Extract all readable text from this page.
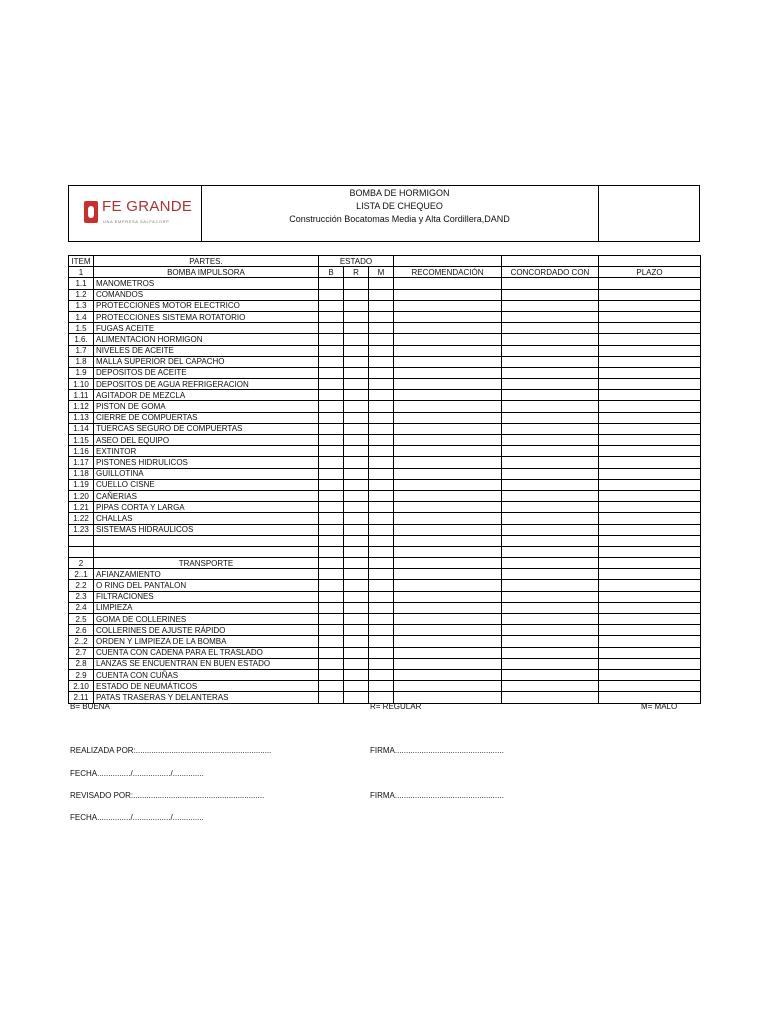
FE GRANDE
UNA EMPRESA SALFACORP
BOMBA DE HORMIGON
LISTA DE CHEQUEO
Construcción Bocatomas Media y Alta Cordillera,DAND
ITEM	PARTES.	ESTADO					
1	BOMBA IMPULSORA	B	R	M	RECOMENDACIÓN	CONCORDADO CON	PLAZO
1.1	MANOMETROS						
1.2	COMANDOS						
1.3	PROTECCIONES MOTOR ELECTRICO						
1.4	PROTECCIONES SISTEMA ROTATORIO						
1.5	FUGAS ACEITE						
1.6.	ALIMENTACION HORMIGON						
1.7	NIVELES DE ACEITE						
1.8	MALLA SUPERIOR DEL CAPACHO						
1.9	DEPOSITOS DE ACEITE						
1.10	DEPOSITOS DE AGUA REFRIGERACION						
1.11	AGITADOR DE MEZCLA						
1.12	PISTON DE GOMA						
1.13	CIERRE DE COMPUERTAS						
1.14	TUERCAS SEGURO DE COMPUERTAS						
1.15	ASEO DEL EQUIPO						
1.16	EXTINTOR						
1.17	PISTONES HIDRULICOS						
1.18	GUILLOTINA						
1.19	CUELLO CISNE						
1.20	CAÑERIAS						
1.21	PIPAS CORTA Y LARGA						
1.22	CHALLAS						
1.23	SISTEMAS HIDRAULICOS						

2	TRANSPORTE						
2..1	AFIANZAMIENTO						
2.2	O RING DEL PANTALON						
2.3	FILTRACIONES						
2.4	LIMPIEZA						
2.5	GOMA DE COLLERINES						
2.6	COLLERINES DE AJUSTE RÁPIDO						
2..2	ORDEN Y LIMPIEZA DE LA BOMBA						
2.7	CUENTA CON CADENA PARA EL TRASLADO						
2.8	LANZAS SE ENCUENTRAN EN BUEN ESTADO						
2.9	CUENTA CON CUÑAS						
2.10	ESTADO DE NEUMÁTICOS						
2.11	PATAS TRASERAS Y DELANTERAS						
B= BUENA	R= REGULAR	M= MALO
REALIZADA POR:.............................................................	FIRMA.................................................
FECHA.............../................./..............
REVISADO POR:...........................................................	FIRMA.................................................
FECHA.............../................./..............
